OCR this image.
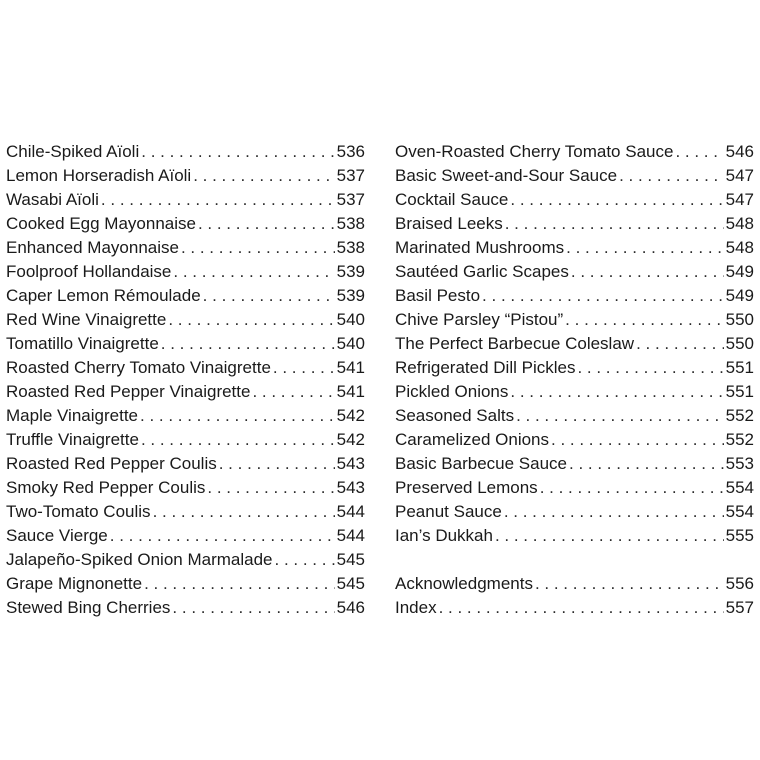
Chile-Spiked Aïoli . . .	536
Lemon Horseradish Aïoli . . .	537
Wasabi Aïoli . . .	537
Cooked Egg Mayonnaise . . .	538
Enhanced Mayonnaise . . .	538
Foolproof Hollandaise . . .	539
Caper Lemon Rémoulade . . .	539
Red Wine Vinaigrette . . .	540
Tomatillo Vinaigrette . . .	540
Roasted Cherry Tomato Vinaigrette . . .	541
Roasted Red Pepper Vinaigrette . . .	541
Maple Vinaigrette . . .	542
Truffle Vinaigrette . . .	542
Roasted Red Pepper Coulis . . .	543
Smoky Red Pepper Coulis . . .	543
Two-Tomato Coulis . . .	544
Sauce Vierge . . .	544
Jalapeño-Spiked Onion Marmalade . . .	545
Grape Mignonette . . .	545
Stewed Bing Cherries . . .	546
Oven-Roasted Cherry Tomato Sauce . . .	546
Basic Sweet-and-Sour Sauce . . .	547
Cocktail Sauce . . .	547
Braised Leeks . . .	548
Marinated Mushrooms . . .	548
Sautéed Garlic Scapes . . .	549
Basil Pesto . . .	549
Chive Parsley “Pistou” . . .	550
The Perfect Barbecue Coleslaw . . .	550
Refrigerated Dill Pickles . . .	551
Pickled Onions . . .	551
Seasoned Salts . . .	552
Caramelized Onions . . .	552
Basic Barbecue Sauce . . .	553
Preserved Lemons . . .	554
Peanut Sauce . . .	554
Ian’s Dukkah . . .	555
Acknowledgments . . .	556
Index . . .	557
